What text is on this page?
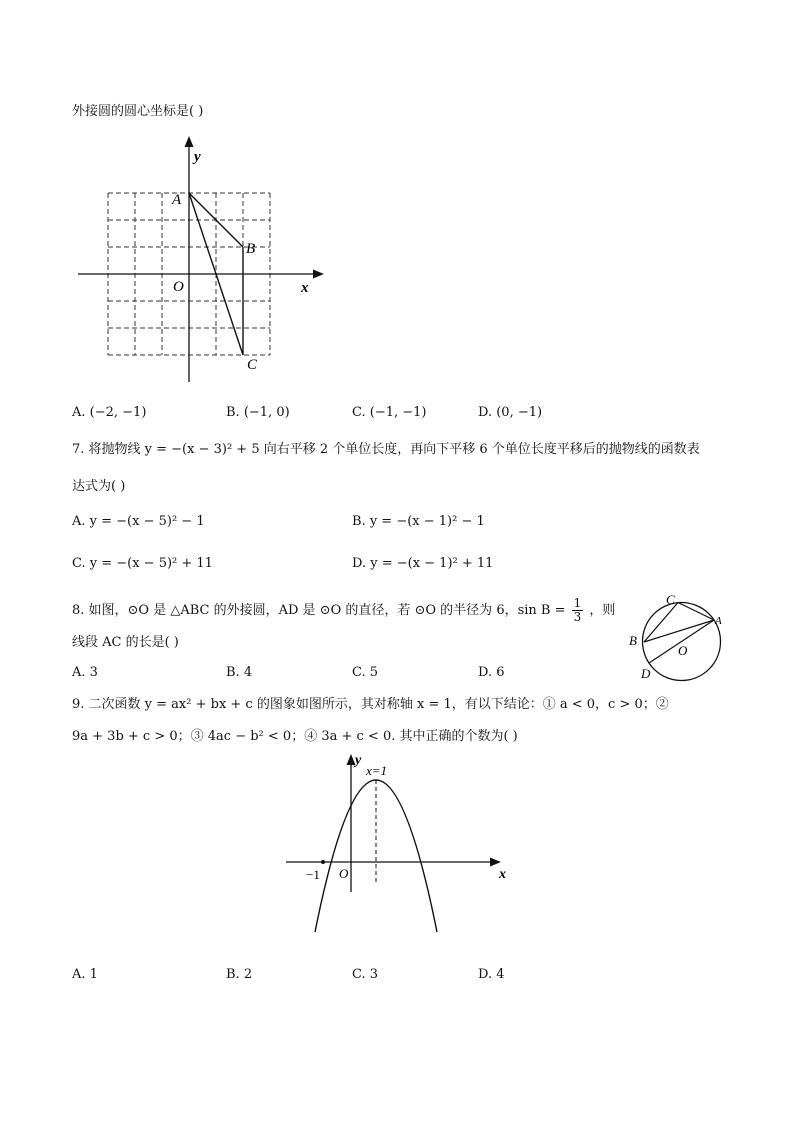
外接圆的圆心坐标是( )
y
x
O
A
B
C
A. (−2, −1)	B. (−1, 0)	C. (−1, −1)	D. (0, −1)
7. 将抛物线 y = −(x − 3)² + 5 向右平移 2 个单位长度，再向下平移 6 个单位长度平移后的抛物线的函数表
达式为( )
A. y = −(x − 5)² − 1	B. y = −(x − 1)² − 1
C. y = −(x − 5)² + 11	D. y = −(x − 1)² + 11
8. 如图，⊙O 是 △ABC 的外接圆，AD 是 ⊙O 的直径，若 ⊙O 的半径为 6，$\sin B = \frac{1}{3}$ ，则
线段 AC 的长是( )
C
A
B
D
O
A. 3	B. 4	C. 5	D. 6
9. 二次函数 y = ax² + bx + c 的图象如图所示，其对称轴 x = 1，有以下结论：① a < 0，c > 0；②
9a + 3b + c > 0；③ 4ac − b² < 0；④ 3a + c < 0. 其中正确的个数为( )
x=1
y
x
O
−1
A. 1	B. 2	C. 3	D. 4
